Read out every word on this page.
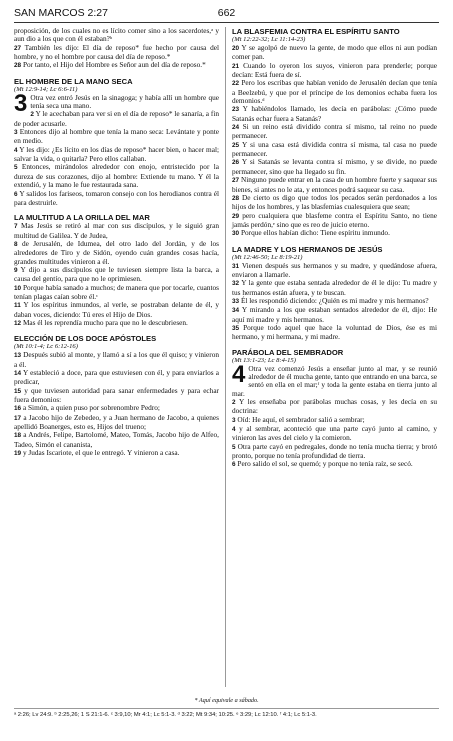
SAN MARCOS 2:27	662

proposición, de los cuales no es lícito comer sino a los sacerdotes,ᵃ y aun dio a los que con él estaban?ᵇ

27 También les dijo: El día de reposo* fue hecho por causa del hombre, y no el hombre por causa del día de reposo.*

28 Por tanto, el Hijo del Hombre es Señor aun del día de reposo.*

EL HOMBRE DE LA MANO SECA
(Mt 12:9-14; Lc 6:6-11)

3 Otra vez entró Jesús en la sinagoga; y había allí un hombre que tenía seca una mano.

2 Y le acechaban para ver si en el día de reposo* le sanaría, a fin de poder acusarle.

3 Entonces dijo al hombre que tenía la mano seca: Levántate y ponte en medio.

4 Y les dijo: ¿Es lícito en los días de reposo* hacer bien, o hacer mal; salvar la vida, o quitarla? Pero ellos callaban.

5 Entonces, mirándolos alrededor con enojo, entristecido por la dureza de sus corazones, dijo al hombre: Extiende tu mano. Y él la extendió, y la mano le fue restaurada sana.

6 Y salidos los fariseos, tomaron consejo con los herodianos contra él para destruirle.

LA MULTITUD A LA ORILLA DEL MAR

7 Mas Jesús se retiró al mar con sus discípulos, y le siguió gran multitud de Galilea. Y de Judea,

8 de Jerusalén, de Idumea, del otro lado del Jordán, y de los alrededores de Tiro y de Sidón, oyendo cuán grandes cosas hacía, grandes multitudes vinieron a él.

9 Y dijo a sus discípulos que le tuviesen siempre lista la barca, a causa del gentío, para que no le oprimiesen.

10 Porque había sanado a muchos; de manera que por tocarle, cuantos tenían plagas caían sobre él.ᶜ

11 Y los espíritus inmundos, al verle, se postraban delante de él, y daban voces, diciendo: Tú eres el Hijo de Dios.

12 Mas él les reprendía mucho para que no le descubriesen.

ELECCIÓN DE LOS DOCE APÓSTOLES
(Mt 10:1-4; Lc 6:12-16)

13 Después subió al monte, y llamó a sí a los que él quiso; y vinieron a él.

14 Y estableció a doce, para que estuviesen con él, y para enviarlos a predicar,

15 y que tuviesen autoridad para sanar enfermedades y para echar fuera demonios:

16 a Simón, a quien puso por sobrenombre Pedro;

17 a Jacobo hijo de Zebedeo, y a Juan hermano de Jacobo, a quienes apellidó Boanerges, esto es, Hijos del trueno;

18 a Andrés, Felipe, Bartolomé, Mateo, Tomás, Jacobo hijo de Alfeo, Tadeo, Simón el cananista,

19 y Judas Iscariote, el que le entregó. Y vinieron a casa.

LA BLASFEMIA CONTRA EL ESPÍRITU SANTO
(Mt 12:22-32; Lc 11:14-23)

20 Y se agolpó de nuevo la gente, de modo que ellos ni aun podían comer pan.

21 Cuando lo oyeron los suyos, vinieron para prenderle; porque decían: Está fuera de sí.

22 Pero los escribas que habían venido de Jerusalén decían que tenía a Beelzebú, y que por el príncipe de los demonios echaba fuera los demonios.ᵈ

23 Y habiéndolos llamado, les decía en parábolas: ¿Cómo puede Satanás echar fuera a Satanás?

24 Si un reino está dividido contra sí mismo, tal reino no puede permanecer.

25 Y si una casa está dividida contra sí misma, tal casa no puede permanecer.

26 Y si Satanás se levanta contra sí mismo, y se divide, no puede permanecer, sino que ha llegado su fin.

27 Ninguno puede entrar en la casa de un hombre fuerte y saquear sus bienes, si antes no le ata, y entonces podrá saquear su casa.

28 De cierto os digo que todos los pecados serán perdonados a los hijos de los hombres, y las blasfemias cualesquiera que sean;

29 pero cualquiera que blasfeme contra el Espíritu Santo, no tiene jamás perdón,ᵉ sino que es reo de juicio eterno.

30 Porque ellos habían dicho: Tiene espíritu inmundo.

LA MADRE Y LOS HERMANOS DE JESÚS
(Mt 12:46-50; Lc 8:19-21)

31 Vienen después sus hermanos y su madre, y quedándose afuera, enviaron a llamarle.

32 Y la gente que estaba sentada alrededor de él le dijo: Tu madre y tus hermanos están afuera, y te buscan.

33 Él les respondió diciendo: ¿Quién es mi madre y mis hermanos?

34 Y mirando a los que estaban sentados alrededor de él, dijo: He aquí mi madre y mis hermanos.

35 Porque todo aquel que hace la voluntad de Dios, ése es mi hermano, y mi hermana, y mi madre.

PARÁBOLA DEL SEMBRADOR
(Mt 13:1-23; Lc 8:4-15)

4 Otra vez comenzó Jesús a enseñar junto al mar, y se reunió alrededor de él mucha gente, tanto que entrando en una barca, se sentó en ella en el mar;ᶠ y toda la gente estaba en tierra junto al mar.

2 Y les enseñaba por parábolas muchas cosas, y les decía en su doctrina:

3 Oíd: He aquí, el sembrador salió a sembrar;

4 y al sembrar, aconteció que una parte cayó junto al camino, y vinieron las aves del cielo y la comieron.

5 Otra parte cayó en pedregales, donde no tenía mucha tierra; y brotó pronto, porque no tenía profundidad de tierra.

6 Pero salido el sol, se quemó; y porque no tenía raíz, se secó.

* Aquí equivale a sábado.
ᵃ 2:26; Lv 24:9. ᵇ 2:25,26; 1 S 21:1-6. ᶜ 3:9,10; Mr 4:1; Lc 5:1-3. ᵈ 3:22; Mt 9:34; 10:25. ᵉ 3:29; Lc 12:10. ᶠ 4:1; Lc 5:1-3.
